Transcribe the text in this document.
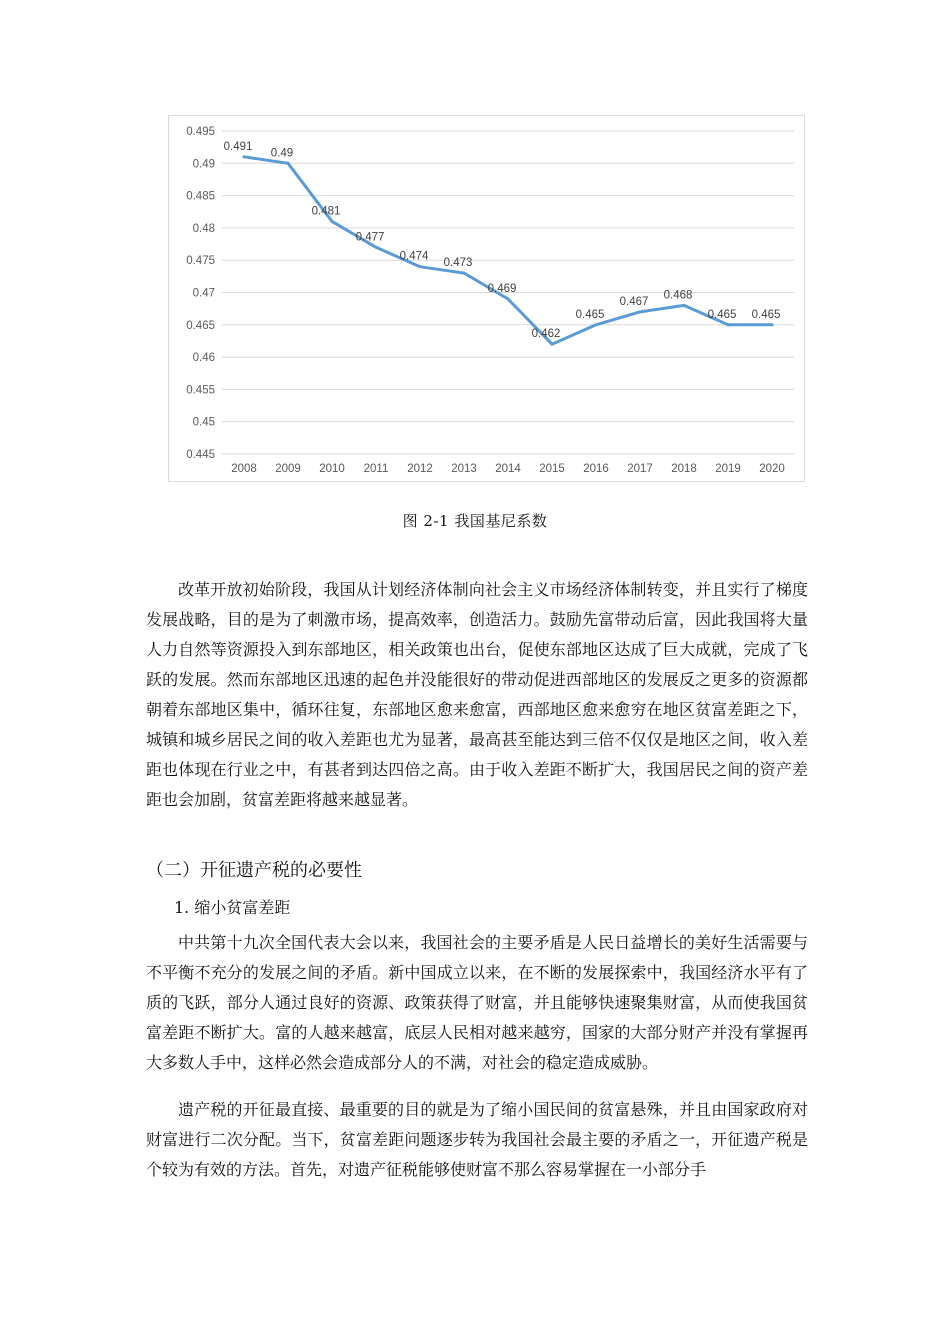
0.495
0.49
0.485
0.48
0.475
0.47
0.465
0.46
0.455
0.45
0.445
2008 2009 2010 2011 2012 2013 2014 2015 2016 2017 2018 2019 2020
0.491
0.49
0.481
0.477
0.474
0.473
0.469
0.462
0.465
0.467
0.468
0.465 0.465
图 2-1 我国基尼系数

改革开放初始阶段，我国从计划经济体制向社会主义市场经济体制转变，并且实行了梯度发展战略，目的是为了刺激市场，提高效率，创造活力。鼓励先富带动后富，因此我国将大量人力自然等资源投入到东部地区，相关政策也出台，促使东部地区达成了巨大成就，完成了飞跃的发展。然而东部地区迅速的起色并没能很好的带动促进西部地区的发展反之更多的资源都朝着东部地区集中，循环往复，东部地区愈来愈富，西部地区愈来愈穷在地区贫富差距之下，城镇和城乡居民之间的收入差距也尤为显著，最高甚至能达到三倍不仅仅是地区之间，收入差距也体现在行业之中，有甚者到达四倍之高。由于收入差距不断扩大，我国居民之间的资产差距也会加剧，贫富差距将越来越显著。

（二）开征遗产税的必要性

1. 缩小贫富差距

中共第十九次全国代表大会以来，我国社会的主要矛盾是人民日益增长的美好生活需要与不平衡不充分的发展之间的矛盾。新中国成立以来，在不断的发展探索中，我国经济水平有了质的飞跃，部分人通过良好的资源、政策获得了财富，并且能够快速聚集财富，从而使我国贫富差距不断扩大。富的人越来越富，底层人民相对越来越穷，国家的大部分财产并没有掌握再大多数人手中，这样必然会造成部分人的不满，对社会的稳定造成威胁。

遗产税的开征最直接、最重要的目的就是为了缩小国民间的贫富悬殊，并且由国家政府对财富进行二次分配。当下，贫富差距问题逐步转为我国社会最主要的矛盾之一，开征遗产税是个较为有效的方法。首先，对遗产征税能够使财富不那么容易掌握在一小部分手
